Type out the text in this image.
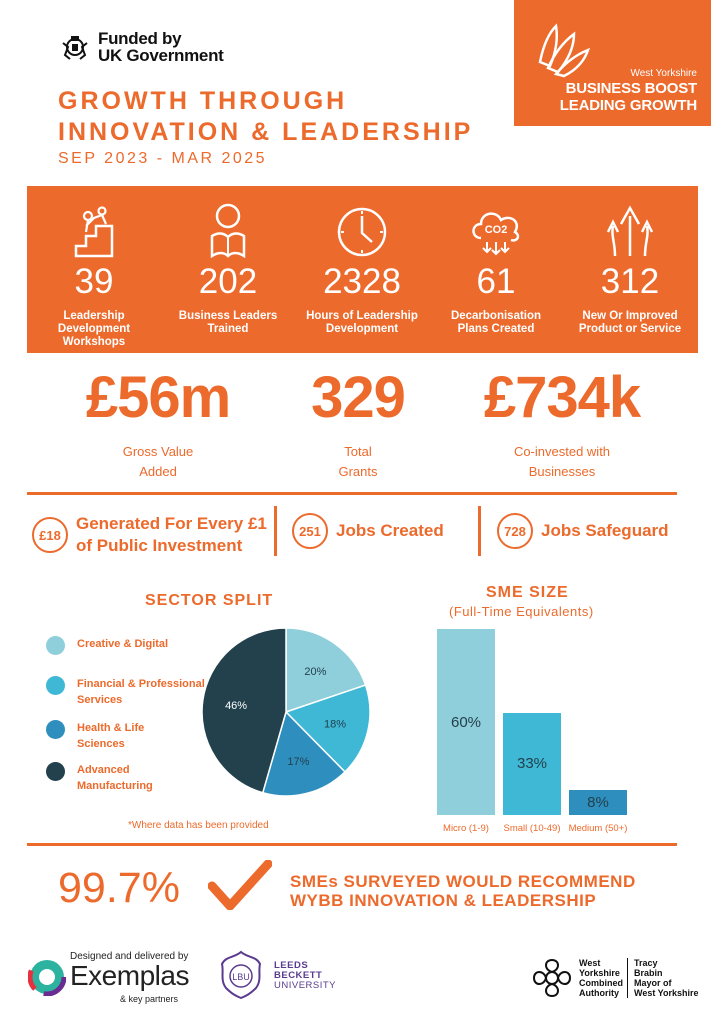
Funded by
UK Government
GROWTH THROUGH
INNOVATION & LEADERSHIP
SEP 2023 - MAR 2025
West Yorkshire
BUSINESS BOOST
LEADING GROWTH
39
Leadership Development Workshops
202
Business Leaders Trained
2328
Hours of Leadership Development
CO2
61
Decarbonisation Plans Created
312
New Or Improved Product or Service
£56m
Gross Value
Added
329
Total
Grants
£734k
Co-invested with
Businesses
£18
Generated For Every £1
of Public Investment
251 Jobs Created	728 Jobs Safeguard
SECTOR SPLIT
Creative & Digital
Financial & Professional
Services
Health & Life
Sciences
Advanced
Manufacturing
20%
18%
17%
46%
*Where data has been provided
SME SIZE
(Full-Time Equivalents)
60%
Micro (1-9)
33%
Small (10-49)
8%
Medium (50+)
99.7%	SMEs SURVEYED WOULD RECOMMEND
WYBB INNOVATION & LEADERSHIP
Designed and delivered by
Exemplas
& key partners
LBU
LEEDS
BECKETT
UNIVERSITY
West
Yorkshire
Combined
Authority
Tracy
Brabin
Mayor of
West Yorkshire
